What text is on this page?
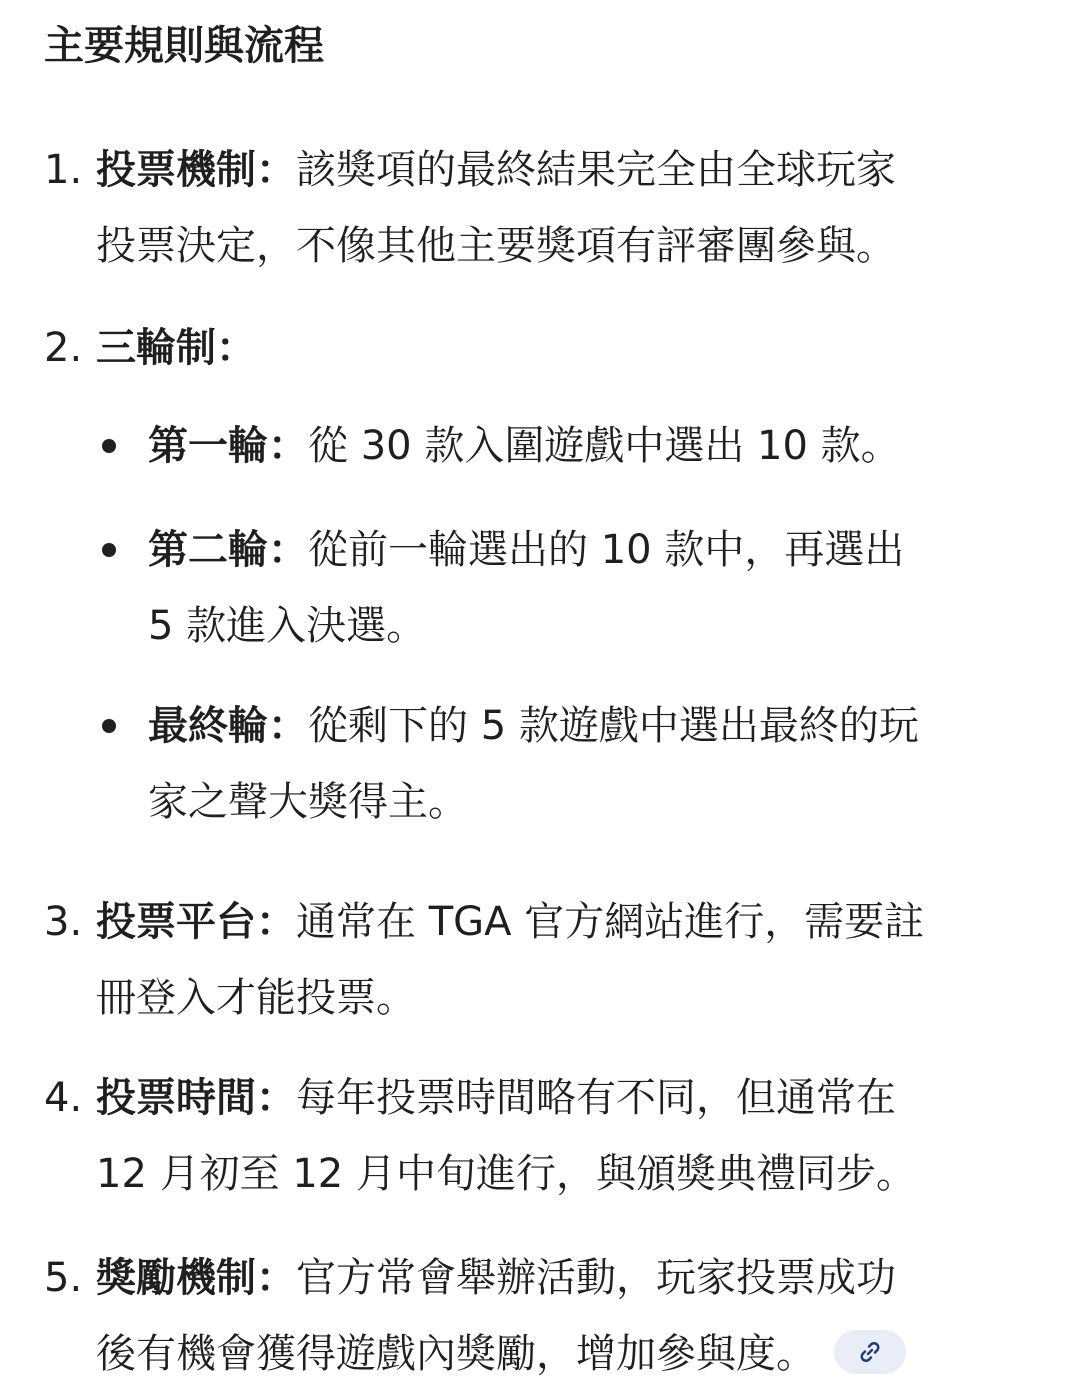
主要規則與流程
1. 投票機制：該獎項的最終結果完全由全球玩家
投票決定，不像其他主要獎項有評審團參與。
2. 三輪制：
第一輪：從 30 款入圍遊戲中選出 10 款。
第二輪：從前一輪選出的 10 款中，再選出
5 款進入決選。
最終輪：從剩下的 5 款遊戲中選出最終的玩
家之聲大獎得主。
3. 投票平台：通常在 TGA 官方網站進行，需要註
冊登入才能投票。
4. 投票時間：每年投票時間略有不同，但通常在
12 月初至 12 月中旬進行，與頒獎典禮同步。
5. 獎勵機制：官方常會舉辦活動，玩家投票成功
後有機會獲得遊戲內獎勵，增加參與度。
